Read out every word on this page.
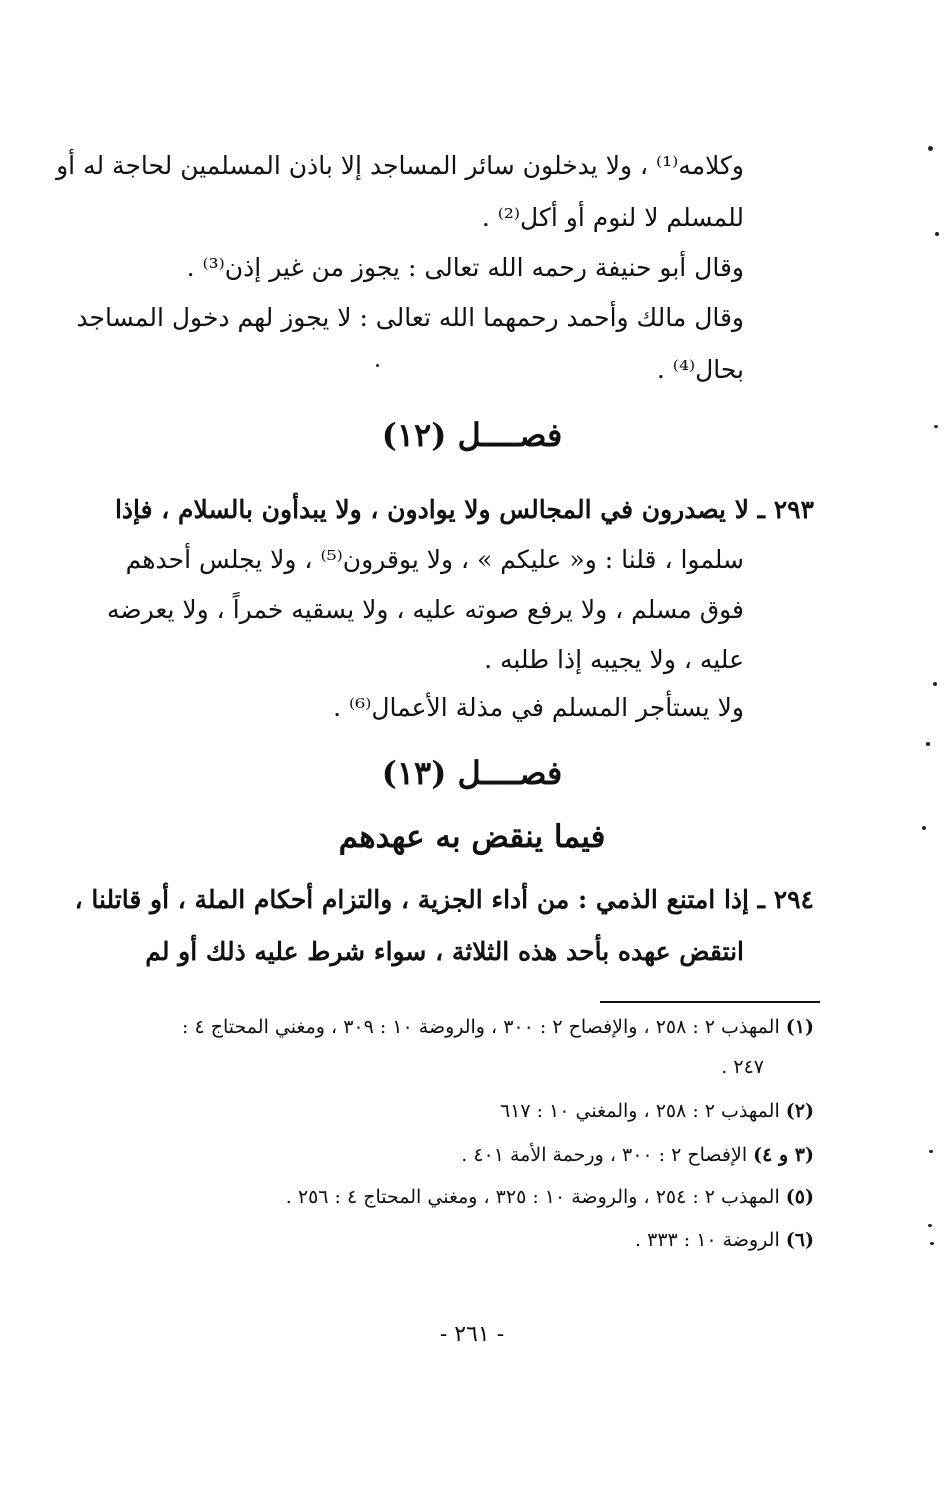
وكلامه⁽¹⁾ ، ولا يدخلون سائر المساجد إلا باذن المسلمين لحاجة له أو
للمسلم لا لنوم أو أكل⁽²⁾ .
وقال أبو حنيفة رحمه الله تعالى : يجوز من غير إذن⁽³⁾ .
وقال مالك وأحمد رحمهما الله تعالى : لا يجوز لهم دخول المساجد
بحال⁽⁴⁾ .
فصــــل (١٢)
٢٩٣ ـ لا يصدرون في المجالس ولا يوادون ، ولا يبدأون بالسلام ، فإذا
سلموا ، قلنا : و« عليكم » ، ولا يوقرون⁽⁵⁾ ، ولا يجلس أحدهم
فوق مسلم ، ولا يرفع صوته عليه ، ولا يسقيه خمراً ، ولا يعرضه
عليه ، ولا يجيبه إذا طلبه .
ولا يستأجر المسلم في مذلة الأعمال⁽⁶⁾ .
فصــــل (١٣)
فيما ينقض به عهدهم
٢٩٤ ـ إذا امتنع الذمي : من أداء الجزية ، والتزام أحكام الملة ، أو قاتلنا ،
انتقض عهده بأحد هذه الثلاثة ، سواء شرط عليه ذلك أو لم
(١) المهذب ٢ : ٢٥٨ ، والإفصاح ٢ : ٣٠٠ ، والروضة ١٠ : ٣٠٩ ، ومغني المحتاج ٤ :
٢٤٧ .
(٢) المهذب ٢ : ٢٥٨ ، والمغني ١٠ : ٦١٧
(٣ و ٤) الإفصاح ٢ : ٣٠٠ ، ورحمة الأمة ٤٠١ .
(٥) المهذب ٢ : ٢٥٤ ، والروضة ١٠ : ٣٢٥ ، ومغني المحتاج ٤ : ٢٥٦ .
(٦) الروضة ١٠ : ٣٣٣ .
- ٢٦١ -
